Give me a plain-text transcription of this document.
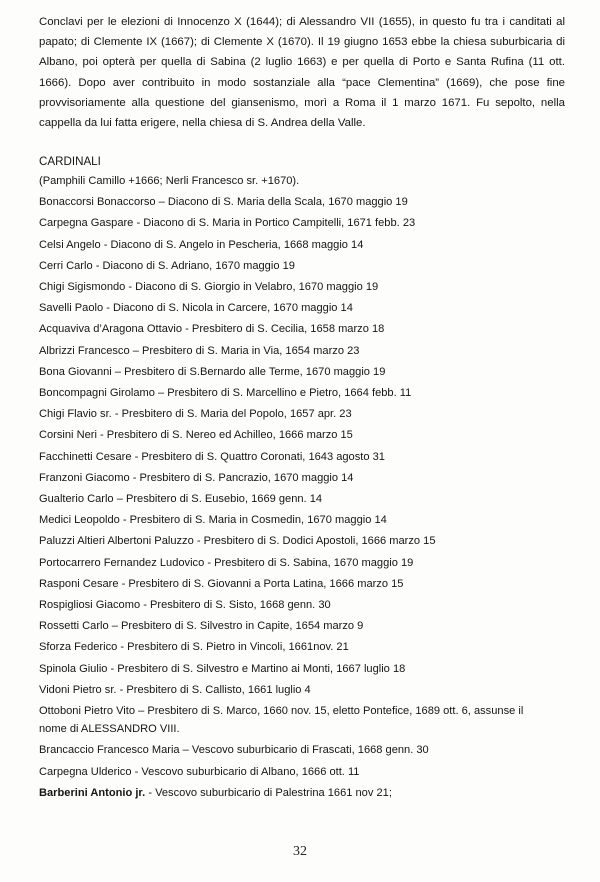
Conclavi per le elezioni di Innocenzo X (1644); di Alessandro VII (1655), in questo fu tra i canditati al papato; di Clemente IX (1667); di Clemente X (1670). Il 19 giugno 1653 ebbe la chiesa suburbicaria di Albano, poi opterà per quella di Sabina (2 luglio 1663) e per quella di Porto e Santa Rufina (11 ott. 1666). Dopo aver contribuito in modo sostanziale alla “pace Clementina” (1669), che pose fine provvisoriamente alla questione del giansenismo, morì a Roma il 1 marzo 1671. Fu sepolto, nella cappella da lui fatta erigere, nella chiesa di S. Andrea della Valle.

CARDINALI

(Pamphili Camillo +1666; Nerli Francesco sr. +1670).
Bonaccorsi Bonaccorso – Diacono di S. Maria della Scala, 1670 maggio 19
Carpegna Gaspare - Diacono di S. Maria in Portico Campitelli, 1671 febb. 23
Celsi Angelo - Diacono di S. Angelo in Pescheria, 1668 maggio 14
Cerri Carlo - Diacono di S. Adriano, 1670 maggio 19
Chigi Sigismondo - Diacono di S. Giorgio in Velabro, 1670 maggio 19
Savelli Paolo - Diacono di S. Nicola in Carcere, 1670 maggio 14
Acquaviva d’Aragona Ottavio - Presbitero di S. Cecilia, 1658 marzo 18
Albrizzi Francesco – Presbitero di S. Maria in Via, 1654 marzo 23
Bona Giovanni – Presbitero di S.Bernardo alle Terme, 1670 maggio 19
Boncompagni Girolamo – Presbitero di S. Marcellino e Pietro, 1664 febb. 11
Chigi Flavio sr. - Presbitero di S. Maria del Popolo, 1657 apr. 23
Corsini Neri - Presbitero di S. Nereo ed Achilleo, 1666 marzo 15
Facchinetti Cesare - Presbitero di S. Quattro Coronati, 1643 agosto 31
Franzoni Giacomo - Presbitero di S. Pancrazio, 1670 maggio 14
Gualterio Carlo – Presbitero di S. Eusebio, 1669 genn. 14
Medici Leopoldo - Presbitero di S. Maria in Cosmedin, 1670 maggio 14
Paluzzi Altieri Albertoni Paluzzo - Presbitero di S. Dodici Apostoli, 1666 marzo 15
Portocarrero Fernandez Ludovico - Presbitero di S. Sabina, 1670 maggio 19
Rasponi Cesare - Presbitero di S. Giovanni a Porta Latina, 1666 marzo 15
Rospigliosi Giacomo - Presbitero di S. Sisto, 1668 genn. 30
Rossetti Carlo – Presbitero di S. Silvestro in Capite, 1654 marzo 9
Sforza Federico - Presbitero di S. Pietro in Vincoli, 1661nov. 21
Spinola Giulio - Presbitero di S. Silvestro e Martino ai Monti, 1667 luglio 18
Vidoni Pietro sr. - Presbitero di S. Callisto, 1661 luglio 4
Ottoboni Pietro Vito – Presbitero di S. Marco, 1660 nov. 15, eletto Pontefice, 1689 ott. 6, assunse il
nome di ALESSANDRO VIII.
Brancaccio Francesco Maria – Vescovo suburbicario di Frascati, 1668 genn. 30
Carpegna Ulderico - Vescovo suburbicario di Albano, 1666 ott. 11
Barberini Antonio jr. - Vescovo suburbicario di Palestrina 1661 nov 21;
32
